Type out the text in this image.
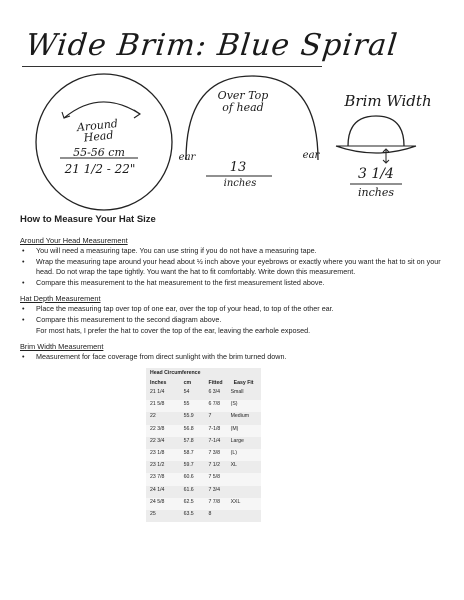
Wide Brim: Blue Spiral
Around Head
55-56 cm
21 1/2 - 22"
Over Top of head
ear	ear
13
inches
Brim Width
3 1/4
inches
How to Measure Your Hat Size
Around Your Head Measurement
• You will need a measuring tape. You can use string if you do not have a measuring tape.
• Wrap the measuring tape around your head about ½ inch above your eyebrows or exactly where you want the hat to sit on your head. Do not wrap the tape tightly. You want the hat to fit comfortably. Write down this measurement.
• Compare this measurement to the hat measurement to the first measurement listed above.
Hat Depth Measurement
• Place the measuring tap over top of one ear, over the top of your head, to top of the other ear.
• Compare this measurement to the second diagram above.
For most hats, I prefer the hat to cover the top of the ear, leaving the earhole exposed.
Brim Width Measurement
• Measurement for face coverage from direct sunlight with the brim turned down.
Head Circumference			
Inches	cm	Fitted	Easy Fit
21 1/4	54	6 3/4	Small
21 5/8	55	6 7/8	(S)
22	55.9	7	Medium
22 3/8	56.8	7-1/8	(M)
22 3/4	57.8	7-1/4	Large
23 1/8	58.7	7 3/8	(L)
23 1/2	59.7	7 1/2	XL
23 7/8	60.6	7 5/8	
24 1/4	61.6	7 3/4	
24 5/8	62.5	7 7/8	XXL
25	63.5	8	
